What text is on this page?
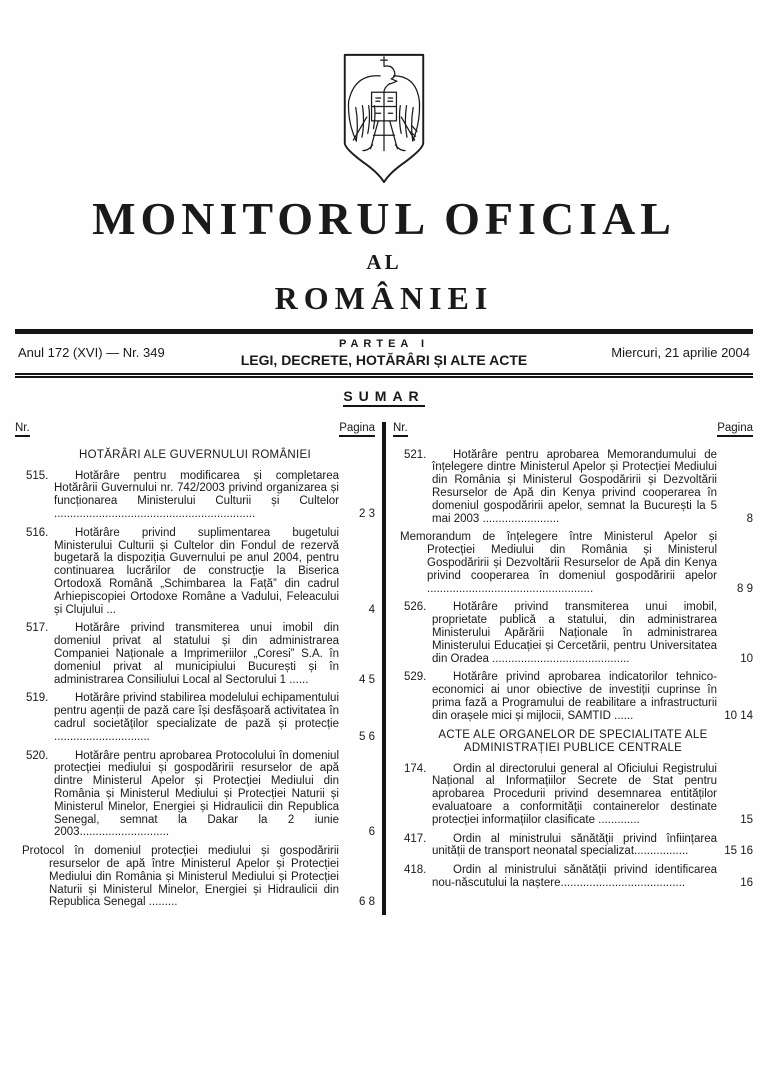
MONITORUL OFICIAL
AL
ROMÂNIEI
Anul 172 (XVI) — Nr. 349
PARTEA I
LEGI, DECRETE, HOTĂRÂRI ȘI ALTE ACTE	Miercuri, 21 aprilie 2004
SUMAR
Nr.	Pagina
HOTĂRÂRI ALE GUVERNULUI ROMÂNIEI
515.	Hotărâre pentru modificarea și completarea Hotărârii Guvernului nr. 742/2003 privind organizarea și funcționarea Ministerului Culturii și Cultelor ...............................................................	2 3
516.	Hotărâre privind suplimentarea bugetului Ministerului Culturii și Cultelor din Fondul de rezervă bugetară la dispoziția Guvernului pe anul 2004, pentru continuarea lucrărilor de construcție la Biserica Ortodoxă Română „Schimbarea la Față” din cadrul Arhiepiscopiei Ortodoxe Române a Vadului, Feleacului și Clujului ...	4
517.	Hotărâre privind transmiterea unui imobil din domeniul privat al statului și din administrarea Companiei Naționale a Imprimeriilor „Coresi” S.A. în domeniul privat al municipiului București și în administrarea Consiliului Local al Sectorului 1 ......	4 5
519.	Hotărâre privind stabilirea modelului echipamentului pentru agenții de pază care își desfășoară activitatea în cadrul societăților specializate de pază și protecție ..............................	5 6
520.	Hotărâre pentru aprobarea Protocolului în domeniul protecției mediului și gospodăririi resurselor de apă dintre Ministerul Apelor și Protecției Mediului din România și Ministerul Mediului și Protecției Naturii și Ministerul Minelor, Energiei și Hidraulicii din Republica Senegal, semnat la Dakar la 2 iunie 2003............................	6
Protocol în domeniul protecției mediului și gospodăririi resurselor de apă între Ministerul Apelor și Protecției Mediului din România și Ministerul Mediului și Protecției Naturii și Ministerul Minelor, Energiei și Hidraulicii din Republica Senegal .........	6 8
Nr.	Pagina
521.	Hotărâre pentru aprobarea Memorandumului de înțelegere dintre Ministerul Apelor și Protecției Mediului din România și Ministerul Gospodăririi și Dezvoltării Resurselor de Apă din Kenya privind cooperarea în domeniul gospodăririi apelor, semnat la București la 5 mai 2003 ........................	8
Memorandum de înțelegere între Ministerul Apelor și Protecției Mediului din România și Ministerul Gospodăririi și Dezvoltării Resurselor de Apă din Kenya privind cooperarea în domeniul gospodăririi apelor ....................................................	8 9
526.	Hotărâre privind transmiterea unui imobil, proprietate publică a statului, din administrarea Ministerului Apărării Naționale în administrarea Ministerului Educației și Cercetării, pentru Universitatea din Oradea ...........................................	10
529.	Hotărâre privind aprobarea indicatorilor tehnico-economici ai unor obiective de investiții cuprinse în prima fază a Programului de reabilitare a infrastructurii din orașele mici și mijlocii, SAMTID ......	10 14
ACTE ALE ORGANELOR DE SPECIALITATE ALE ADMINISTRAȚIEI PUBLICE CENTRALE
174.	Ordin al directorului general al Oficiului Registrului Național al Informațiilor Secrete de Stat pentru aprobarea Procedurii privind desemnarea entităților evaluatoare a conformității containerelor destinate protecției informațiilor clasificate .............	15
417.	Ordin al ministrului sănătății privind înființarea unității de transport neonatal specializat.................	15 16
418.	Ordin al ministrului sănătății privind identificarea nou-născutului la naștere.......................................	16
